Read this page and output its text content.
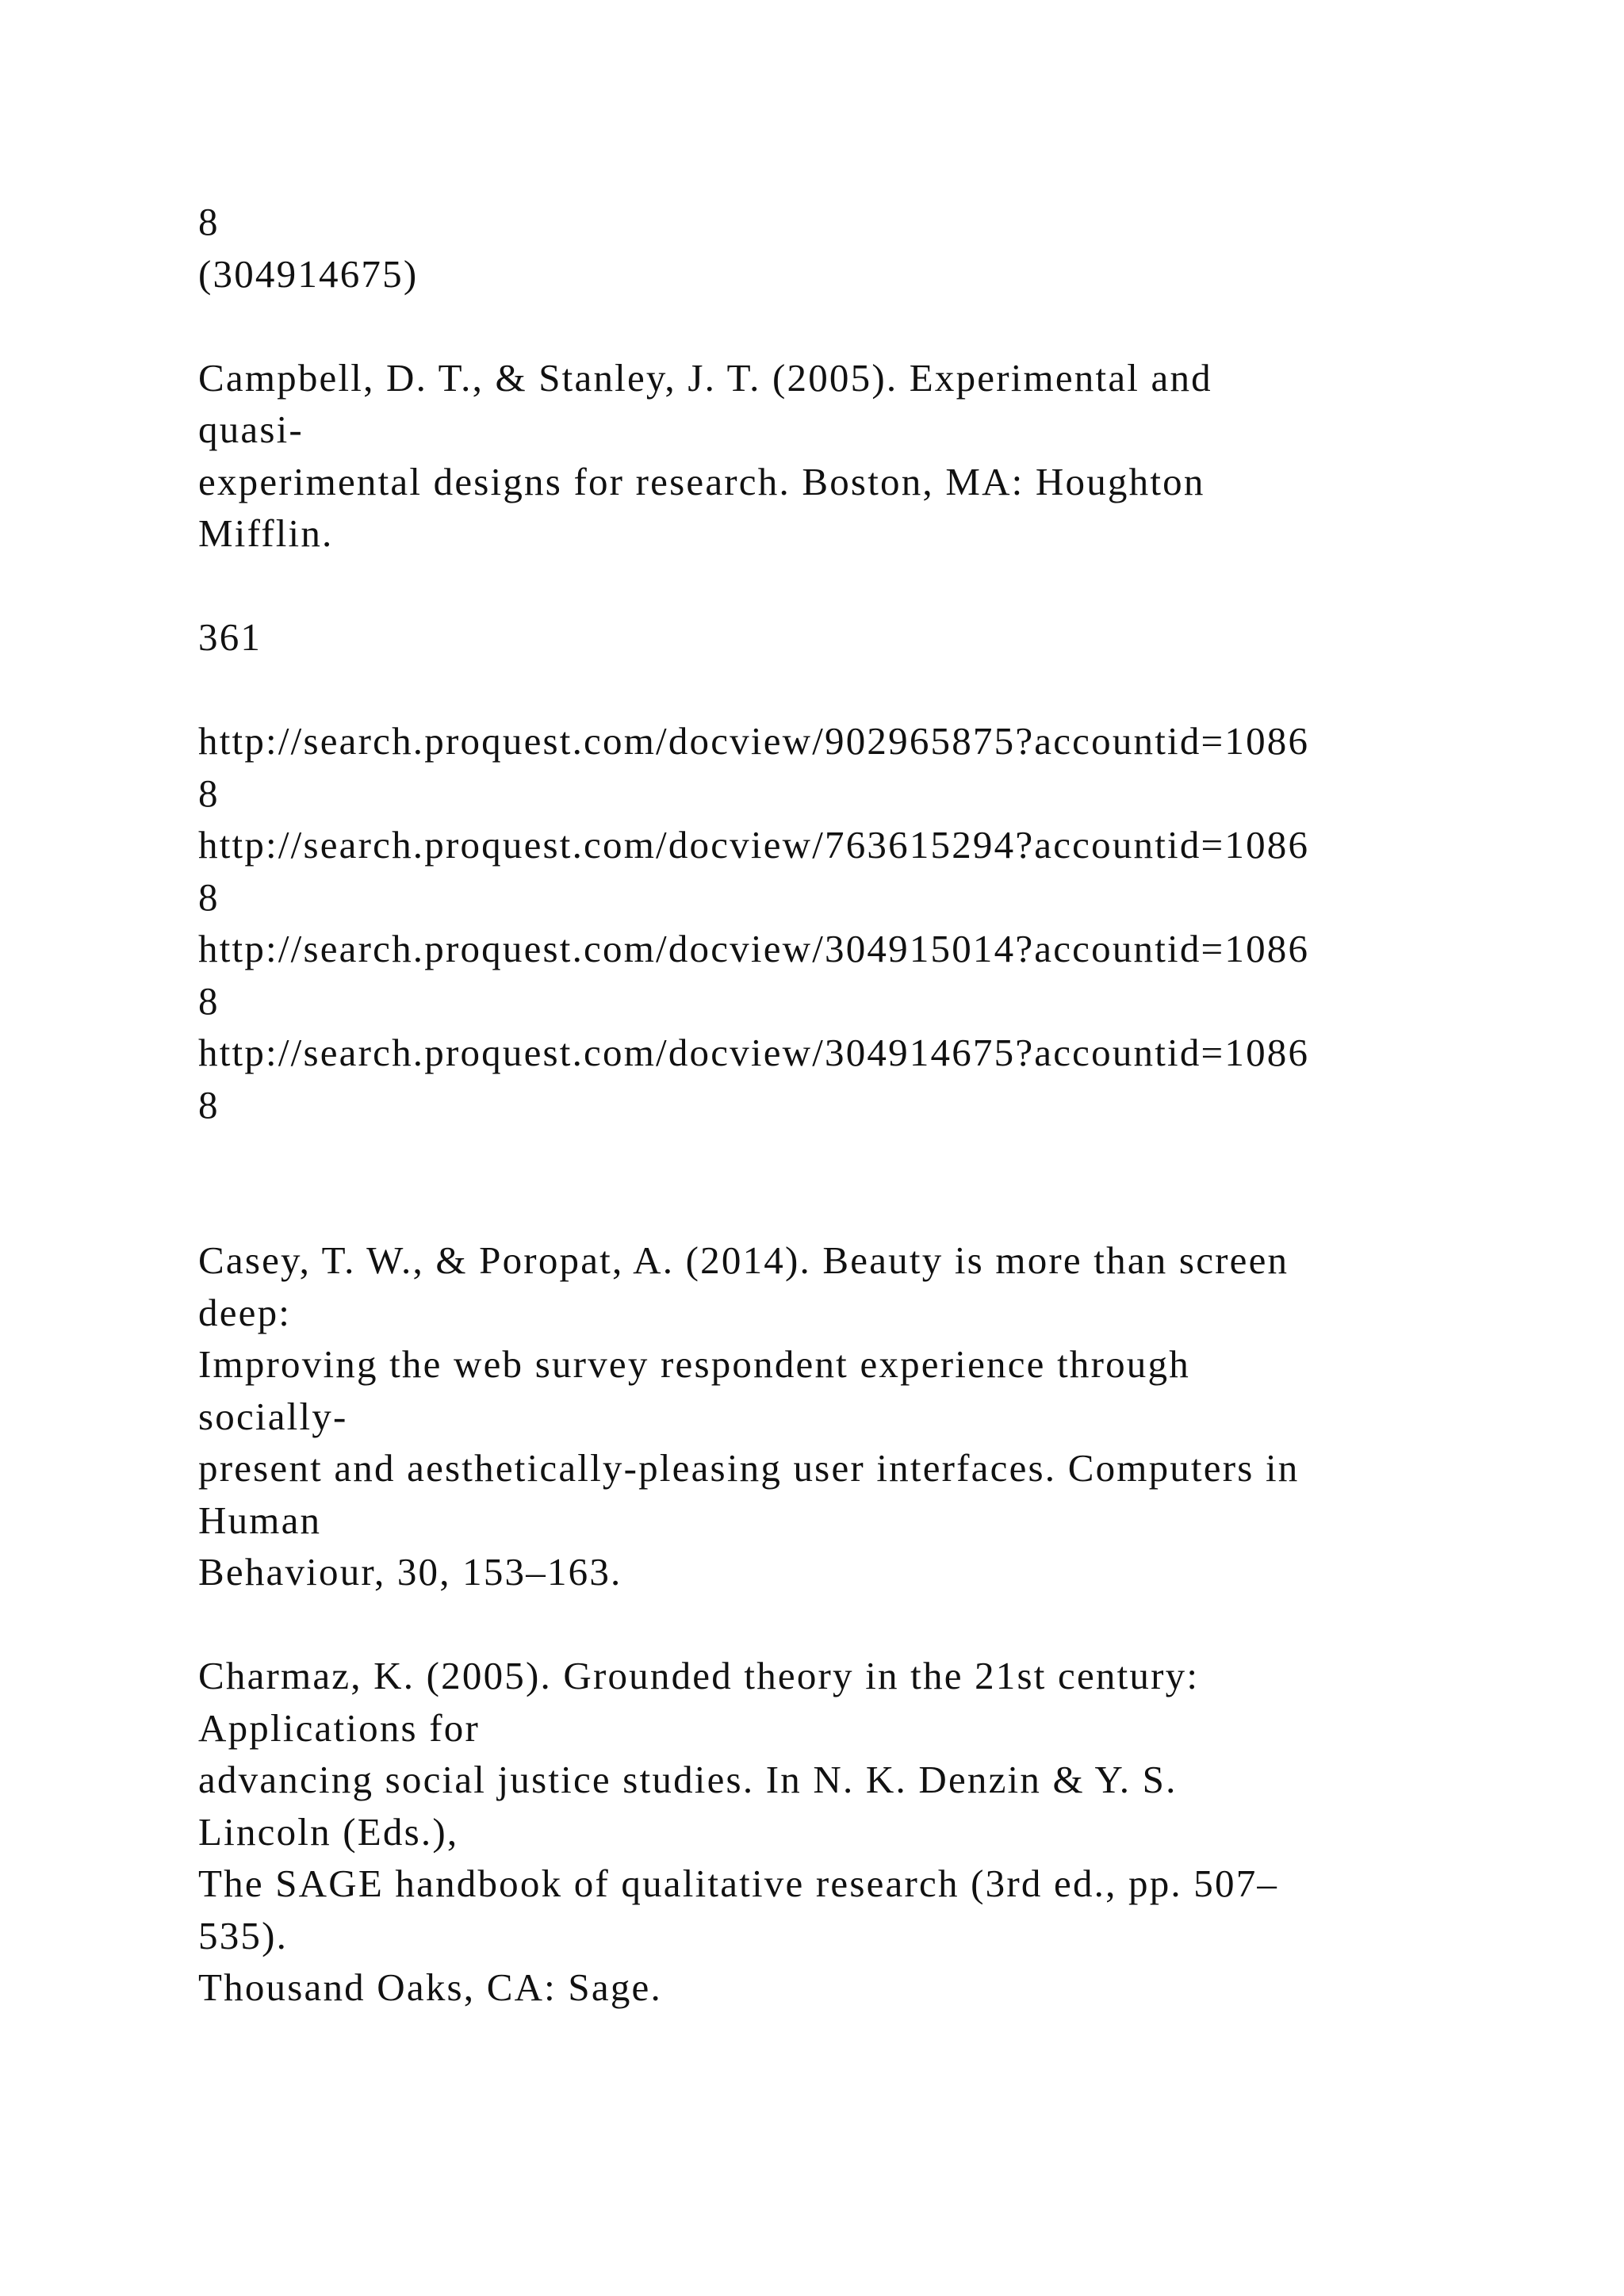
8
(304914675)
Campbell, D. T., & Stanley, J. T. (2005). Experimental and
quasi-
experimental designs for research. Boston, MA: Houghton
Mifflin.
361
http://search.proquest.com/docview/902965875?accountid=1086
8
http://search.proquest.com/docview/763615294?accountid=1086
8
http://search.proquest.com/docview/304915014?accountid=1086
8
http://search.proquest.com/docview/304914675?accountid=1086
8
Casey, T. W., & Poropat, A. (2014). Beauty is more than screen
deep:
Improving the web survey respondent experience through
socially-
present and aesthetically-pleasing user interfaces. Computers in
Human
Behaviour, 30, 153–163.
Charmaz, K. (2005). Grounded theory in the 21st century:
Applications for
advancing social justice studies. In N. K. Denzin & Y. S.
Lincoln (Eds.),
The SAGE handbook of qualitative research (3rd ed., pp. 507–
535).
Thousand Oaks, CA: Sage.
